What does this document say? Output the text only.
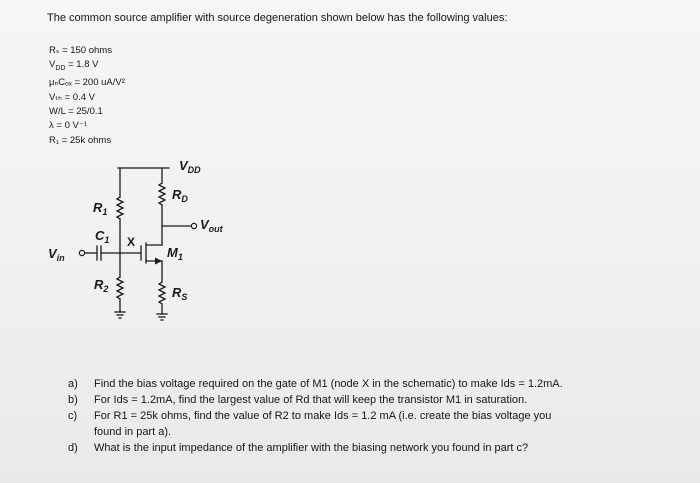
The common source amplifier with source degeneration shown below has the following values:
Rₛ = 150 ohms
$V_{DD} = 1.8$ V
μₙCₒₓ = 200 uA/V²
Vₜₕ = 0.4 V
W/L = 25/0.1
λ = 0 V⁻¹
R₁ = 25k ohms
$V_{DD}$
$R_D$
$V_{out}$
$R_1$
$C_1$ X
$V_{in}$	$M_1$
$R_2$	$R_S$
a) Find the bias voltage required on the gate of M1 (node X in the schematic) to make Ids = 1.2mA.
b) For Ids = 1.2mA, find the largest value of Rd that will keep the transistor M1 in saturation.
c) For R1 = 25k ohms, find the value of R2 to make Ids = 1.2 mA (i.e. create the bias voltage you
found in part a).
d) What is the input impedance of the amplifier with the biasing network you found in part c?
